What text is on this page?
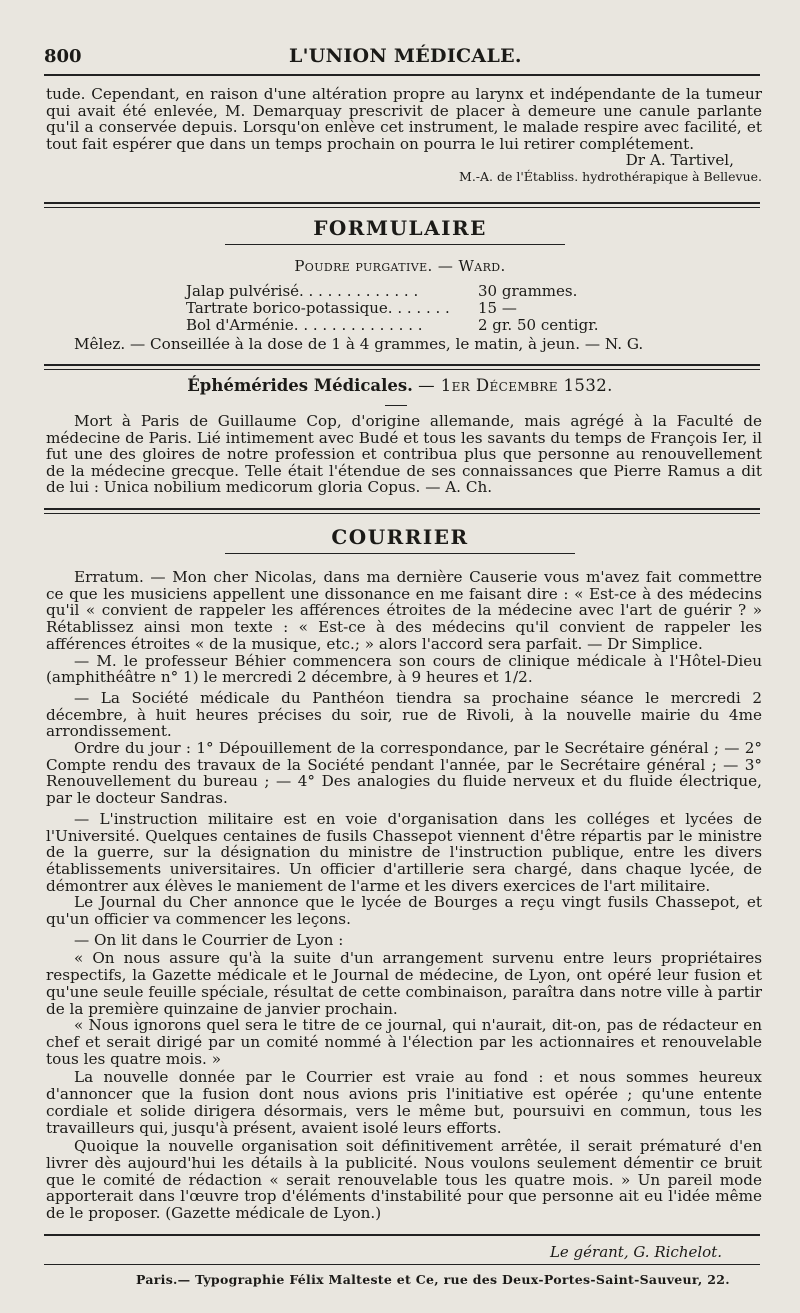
800	L'UNION MÉDICALE.

tude. Cependant, en raison d'une altération propre au larynx et indépendante de la tumeur qui avait été enlevée, M. Demarquay prescrivit de placer à demeure une canule parlante qu'il a conservée depuis. Lorsqu'on enlève cet instrument, le malade respire avec facilité, et tout fait espérer que dans un temps prochain on pourra le lui retirer complétement.

Dr A. Tartivel,

M.-A. de l'Établiss. hydrothérapique à Bellevue.

FORMULAIRE
Poudre purgative. — Ward.
Jalap pulvérisé. . . . . . . . . . . . .	30 grammes.
Tartrate borico-potassique. . . . . . . 15 —
Bol d'Arménie. . . . . . . . . . . . . .	2 gr. 50 centigr.

Mêlez. — Conseillée à la dose de 1 à 4 grammes, le matin, à jeun. — N. G.

Éphémérides Médicales. — 1er Décembre 1532.

Mort à Paris de Guillaume Cop, d'origine allemande, mais agrégé à la Faculté de médecine de Paris. Lié intimement avec Budé et tous les savants du temps de François Ier, il fut une des gloires de notre profession et contribua plus que personne au renouvellement de la médecine grecque. Telle était l'étendue de ses connaissances que Pierre Ramus a dit de lui : Unica nobilium medicorum gloria Copus. — A. Ch.

COURRIER

Erratum. — Mon cher Nicolas, dans ma dernière Causerie vous m'avez fait commettre ce que les musiciens appellent une dissonance en me faisant dire : « Est-ce à des médecins qu'il « convient de rappeler les afférences étroites de la médecine avec l'art de guérir ? » Rétablissez ainsi mon texte : « Est-ce à des médecins qu'il convient de rappeler les afférences étroites « de la musique, etc.; » alors l'accord sera parfait. — Dr Simplice.

— M. le professeur Béhier commencera son cours de clinique médicale à l'Hôtel-Dieu (amphithéâtre n° 1) le mercredi 2 décembre, à 9 heures et 1/2.

— La Société médicale du Panthéon tiendra sa prochaine séance le mercredi 2 décembre, à huit heures précises du soir, rue de Rivoli, à la nouvelle mairie du 4me arrondissement.

Ordre du jour : 1° Dépouillement de la correspondance, par le Secrétaire général ; — 2° Compte rendu des travaux de la Société pendant l'année, par le Secrétaire général ; — 3° Renouvellement du bureau ; — 4° Des analogies du fluide nerveux et du fluide électrique, par le docteur Sandras.

— L'instruction militaire est en voie d'organisation dans les colléges et lycées de l'Université. Quelques centaines de fusils Chassepot viennent d'être répartis par le ministre de la guerre, sur la désignation du ministre de l'instruction publique, entre les divers établissements universitaires. Un officier d'artillerie sera chargé, dans chaque lycée, de démontrer aux élèves le maniement de l'arme et les divers exercices de l'art militaire.

Le Journal du Cher annonce que le lycée de Bourges a reçu vingt fusils Chassepot, et qu'un officier va commencer les leçons.

— On lit dans le Courrier de Lyon :

« On nous assure qu'à la suite d'un arrangement survenu entre leurs propriétaires respectifs, la Gazette médicale et le Journal de médecine, de Lyon, ont opéré leur fusion et qu'une seule feuille spéciale, résultat de cette combinaison, paraîtra dans notre ville à partir de la première quinzaine de janvier prochain.

« Nous ignorons quel sera le titre de ce journal, qui n'aurait, dit-on, pas de rédacteur en chef et serait dirigé par un comité nommé à l'élection par les actionnaires et renouvelable tous les quatre mois. »

La nouvelle donnée par le Courrier est vraie au fond : et nous sommes heureux d'annoncer que la fusion dont nous avions pris l'initiative est opérée ; qu'une entente cordiale et solide dirigera désormais, vers le même but, poursuivi en commun, tous les travailleurs qui, jusqu'à présent, avaient isolé leurs efforts.

Quoique la nouvelle organisation soit définitivement arrêtée, il serait prématuré d'en livrer dès aujourd'hui les détails à la publicité. Nous voulons seulement démentir ce bruit que le comité de rédaction « serait renouvelable tous les quatre mois. » Un pareil mode apporterait dans l'œuvre trop d'éléments d'instabilité pour que personne ait eu l'idée même de le proposer. (Gazette médicale de Lyon.)

Le gérant, G. Richelot.
Paris.— Typographie Félix Malteste et Ce, rue des Deux-Portes-Saint-Sauveur, 22.
